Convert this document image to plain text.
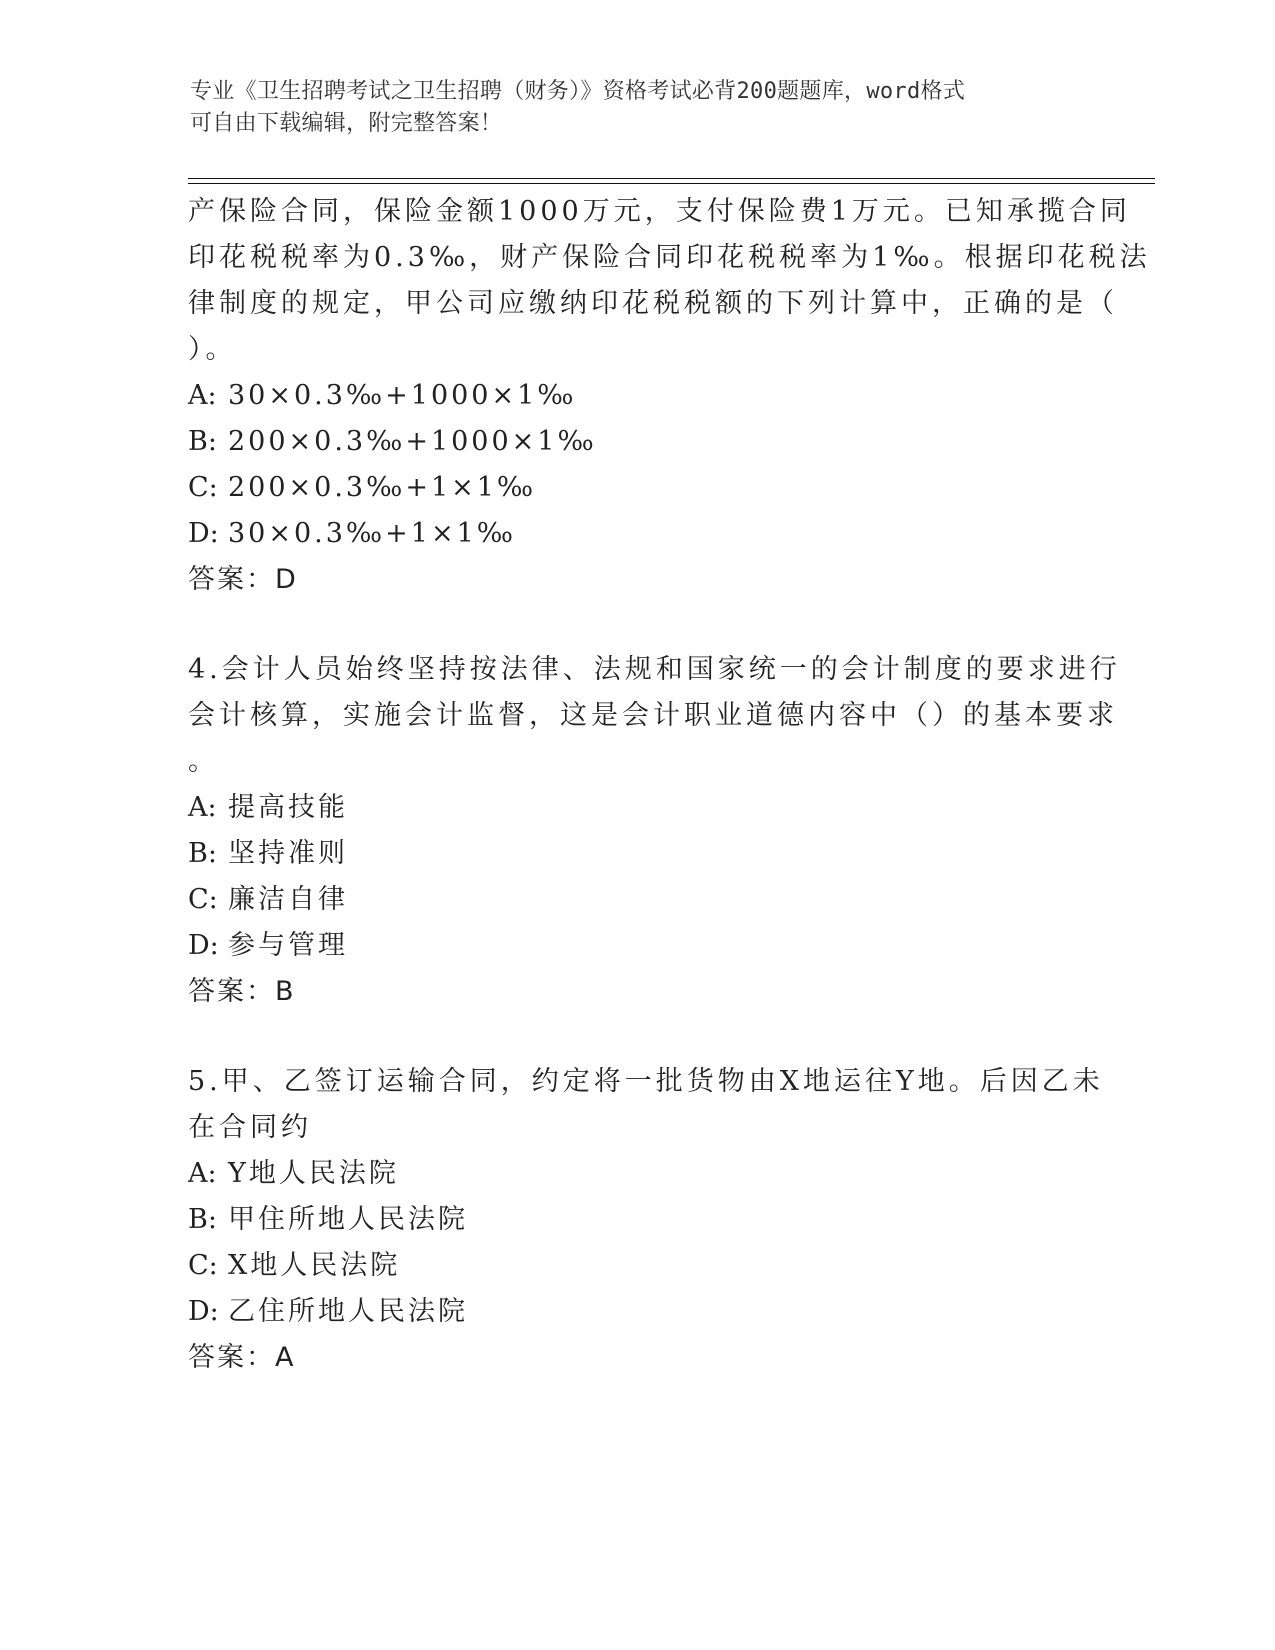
专业《卫生招聘考试之卫生招聘（财务）》资格考试必背200题题库，word格式
可自由下载编辑，附完整答案！
产保险合同，保险金额1000万元，支付保险费1万元。已知承揽合同
印花税税率为0.3‰，财产保险合同印花税税率为1‰。根据印花税法
律制度的规定，甲公司应缴纳印花税税额的下列计算中，正确的是（
）。
A: 30×0.3‰+1000×1‰
B: 200×0.3‰+1000×1‰
C: 200×0.3‰+1×1‰
D: 30×0.3‰+1×1‰
答案：D
4.会计人员始终坚持按法律、法规和国家统一的会计制度的要求进行
会计核算，实施会计监督，这是会计职业道德内容中（）的基本要求
。
A: 提高技能
B: 坚持准则
C: 廉洁自律
D: 参与管理
答案：B
5.甲、乙签订运输合同，约定将一批货物由X地运往Y地。后因乙未
在合同约
A: Y地人民法院
B: 甲住所地人民法院
C: X地人民法院
D: 乙住所地人民法院
答案：A
